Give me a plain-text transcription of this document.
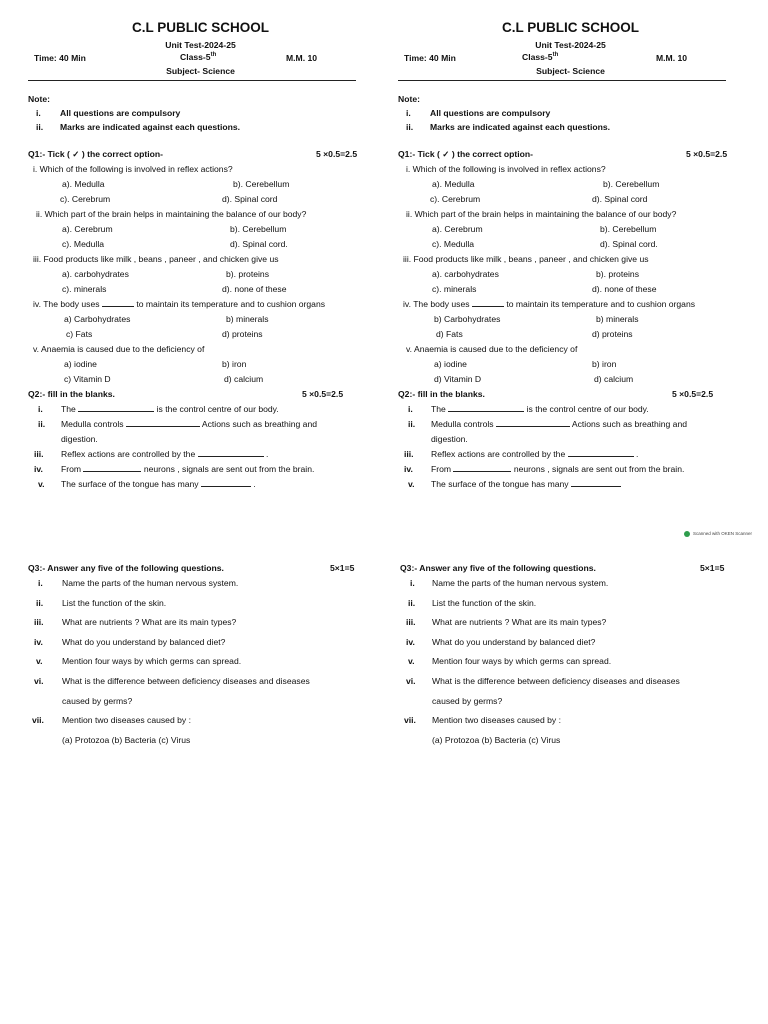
C.L PUBLIC SCHOOL
Unit Test-2024-25
Time: 40 Min	Class-5th	M.M. 10
Subject- Science
Note:
i. All questions are compulsory
ii. Marks are indicated against each questions.
Q1:- Tick ( ✓ ) the correct option-	5 ×0.5=2.5
i. Which of the following is involved in reflex actions?
a). Medulla	b). Cerebellum
c). Cerebrum	d). Spinal cord
ii. Which part of the brain helps in maintaining the balance of our body?
a). Cerebrum	b). Cerebellum
c). Medulla	d). Spinal cord.
iii. Food products like milk , beans , paneer , and chicken give us
a). carbohydrates	b). proteins
c). minerals	d). none of these
iv. The body uses	to maintain its temperature and to cushion organs
a) Carbohydrates	b) minerals
c) Fats	d) proteins
v. Anaemia is caused due to the deficiency of
a) iodine	b) iron
c) Vitamin D	d) calcium
Q2:- fill in the blanks.	5 ×0.5=2.5
i. The	is the control centre of our body.
ii. Medulla controls	Actions such as breathing and
digestion.
iii. Reflex actions are controlled by the	.
iv. From	neurons , signals are sent out from the brain.
v. The surface of the tongue has many	.
C.L PUBLIC SCHOOL
Unit Test-2024-25
Time: 40 Min	Class-5th	M.M. 10
Subject- Science
Note:
i. All questions are compulsory
ii. Marks are indicated against each questions.
Q1:- Tick ( ✓ ) the correct option-	5 ×0.5=2.5
i. Which of the following is involved in reflex actions?
a). Medulla	b). Cerebellum
c). Cerebrum	d). Spinal cord
ii. Which part of the brain helps in maintaining the balance of our body?
a). Cerebrum	b). Cerebellum
c). Medulla	d). Spinal cord.
iii. Food products like milk , beans , paneer , and chicken give us
a). carbohydrates	b). proteins
c). minerals	d). none of these
iv. The body uses	to maintain its temperature and to cushion organs
b) Carbohydrates	b) minerals
d) Fats	d) proteins
v. Anaemia is caused due to the deficiency of
a) iodine	b) iron
d) Vitamin D	d) calcium
Q2:- fill in the blanks.	5 ×0.5=2.5
i. The	is the control centre of our body.
ii. Medulla controls	Actions such as breathing and
digestion.
iii. Reflex actions are controlled by the	.
iv. From	neurons , signals are sent out from the brain.
v. The surface of the tongue has many
Scanned with OKEN Scanner
Q3:- Answer any five of the following questions.	5×1=5
i. Name the parts of the human nervous system.
ii. List the function of the skin.
iii. What are nutrients ? What are its main types?
iv. What do you understand by balanced diet?
v. Mention four ways by which germs can spread.
vi. What is the difference between deficiency diseases and diseases
caused by germs?
vii. Mention two diseases caused by :
(a) Protozoa (b) Bacteria (c) Virus
Q3:- Answer any five of the following questions.	5×1=5
i. Name the parts of the human nervous system.
ii. List the function of the skin.
iii. What are nutrients ? What are its main types?
iv. What do you understand by balanced diet?
v. Mention four ways by which germs can spread.
vi. What is the difference between deficiency diseases and diseases
caused by germs?
vii. Mention two diseases caused by :
(a) Protozoa (b) Bacteria (c) Virus
